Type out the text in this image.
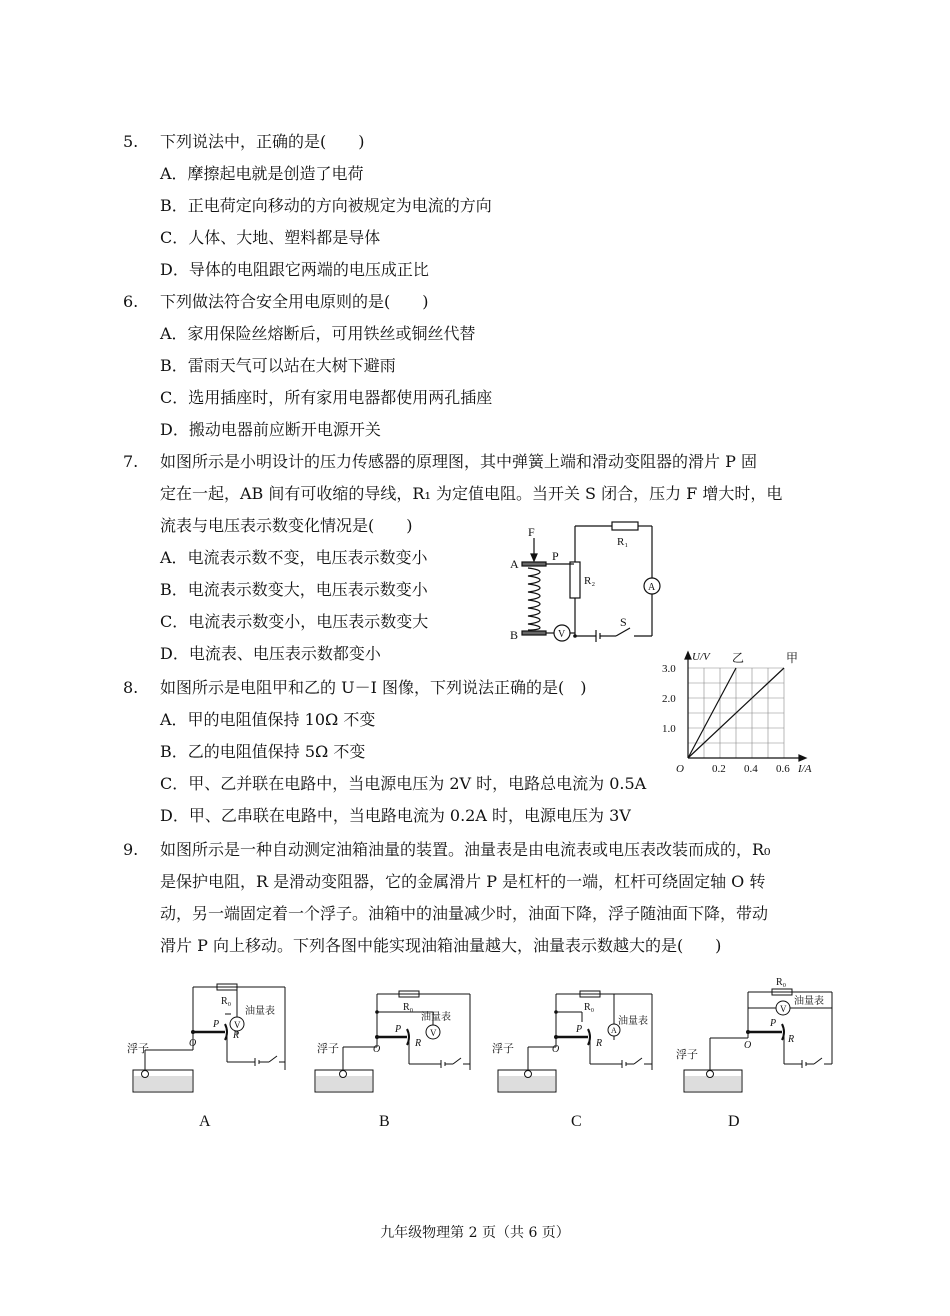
5. 下列说法中，正确的是(　　)
A．摩擦起电就是创造了电荷
B．正电荷定向移动的方向被规定为电流的方向
C．人体、大地、塑料都是导体
D．导体的电阻跟它两端的电压成正比
6. 下列做法符合安全用电原则的是(　　)
A．家用保险丝熔断后，可用铁丝或铜丝代替
B．雷雨天气可以站在大树下避雨
C．选用插座时，所有家用电器都使用两孔插座
D．搬动电器前应断开电源开关
7. 如图所示是小明设计的压力传感器的原理图，其中弹簧上端和滑动变阻器的滑片 P 固
定在一起，AB 间有可收缩的导线，R₁ 为定值电阻。当开关 S 闭合，压力 F 增大时，电
流表与电压表示数变化情况是(　　)
A．电流表示数不变，电压表示数变小
B．电流表示数变大，电压表示数变小
C．电流表示数变小，电压表示数变大
D．电流表、电压表示数都变小
F
A
B
P
R₂
R₁
A
V
S
8. 如图所示是电阻甲和乙的 U－I 图像，下列说法正确的是(　)
A．甲的电阻值保持 10Ω 不变
B．乙的电阻值保持 5Ω 不变
C．甲、乙并联在电路中，当电源电压为 2V 时，电路总电流为 0.5A
D．甲、乙串联在电路中，当电路电流为 0.2A 时，电源电压为 3V
乙	甲
0.2 0.4 0.6
1.0
2.0
3.0
O	I/A
U/V
9. 如图所示是一种自动测定油箱油量的装置。油量表是由电流表或电压表改装而成的，R₀
是保护电阻，R 是滑动变阻器，它的金属滑片 P 是杠杆的一端，杠杆可绕固定轴 O 转
动，另一端固定着一个浮子。油箱中的油量减少时，油面下降，浮子随油面下降，带动
滑片 P 向上移动。下列各图中能实现油箱油量越大，油量表示数越大的是(　　)
浮子
R₀
油量表
V
P
O
R
A
浮子
R₀
油量表
V
P
O
R
B
浮子
R₀
油量表
A
P
O
R
C
浮子
R₀
油量表
V
P
O
R
D
九年级物理第 2 页（共 6 页）
